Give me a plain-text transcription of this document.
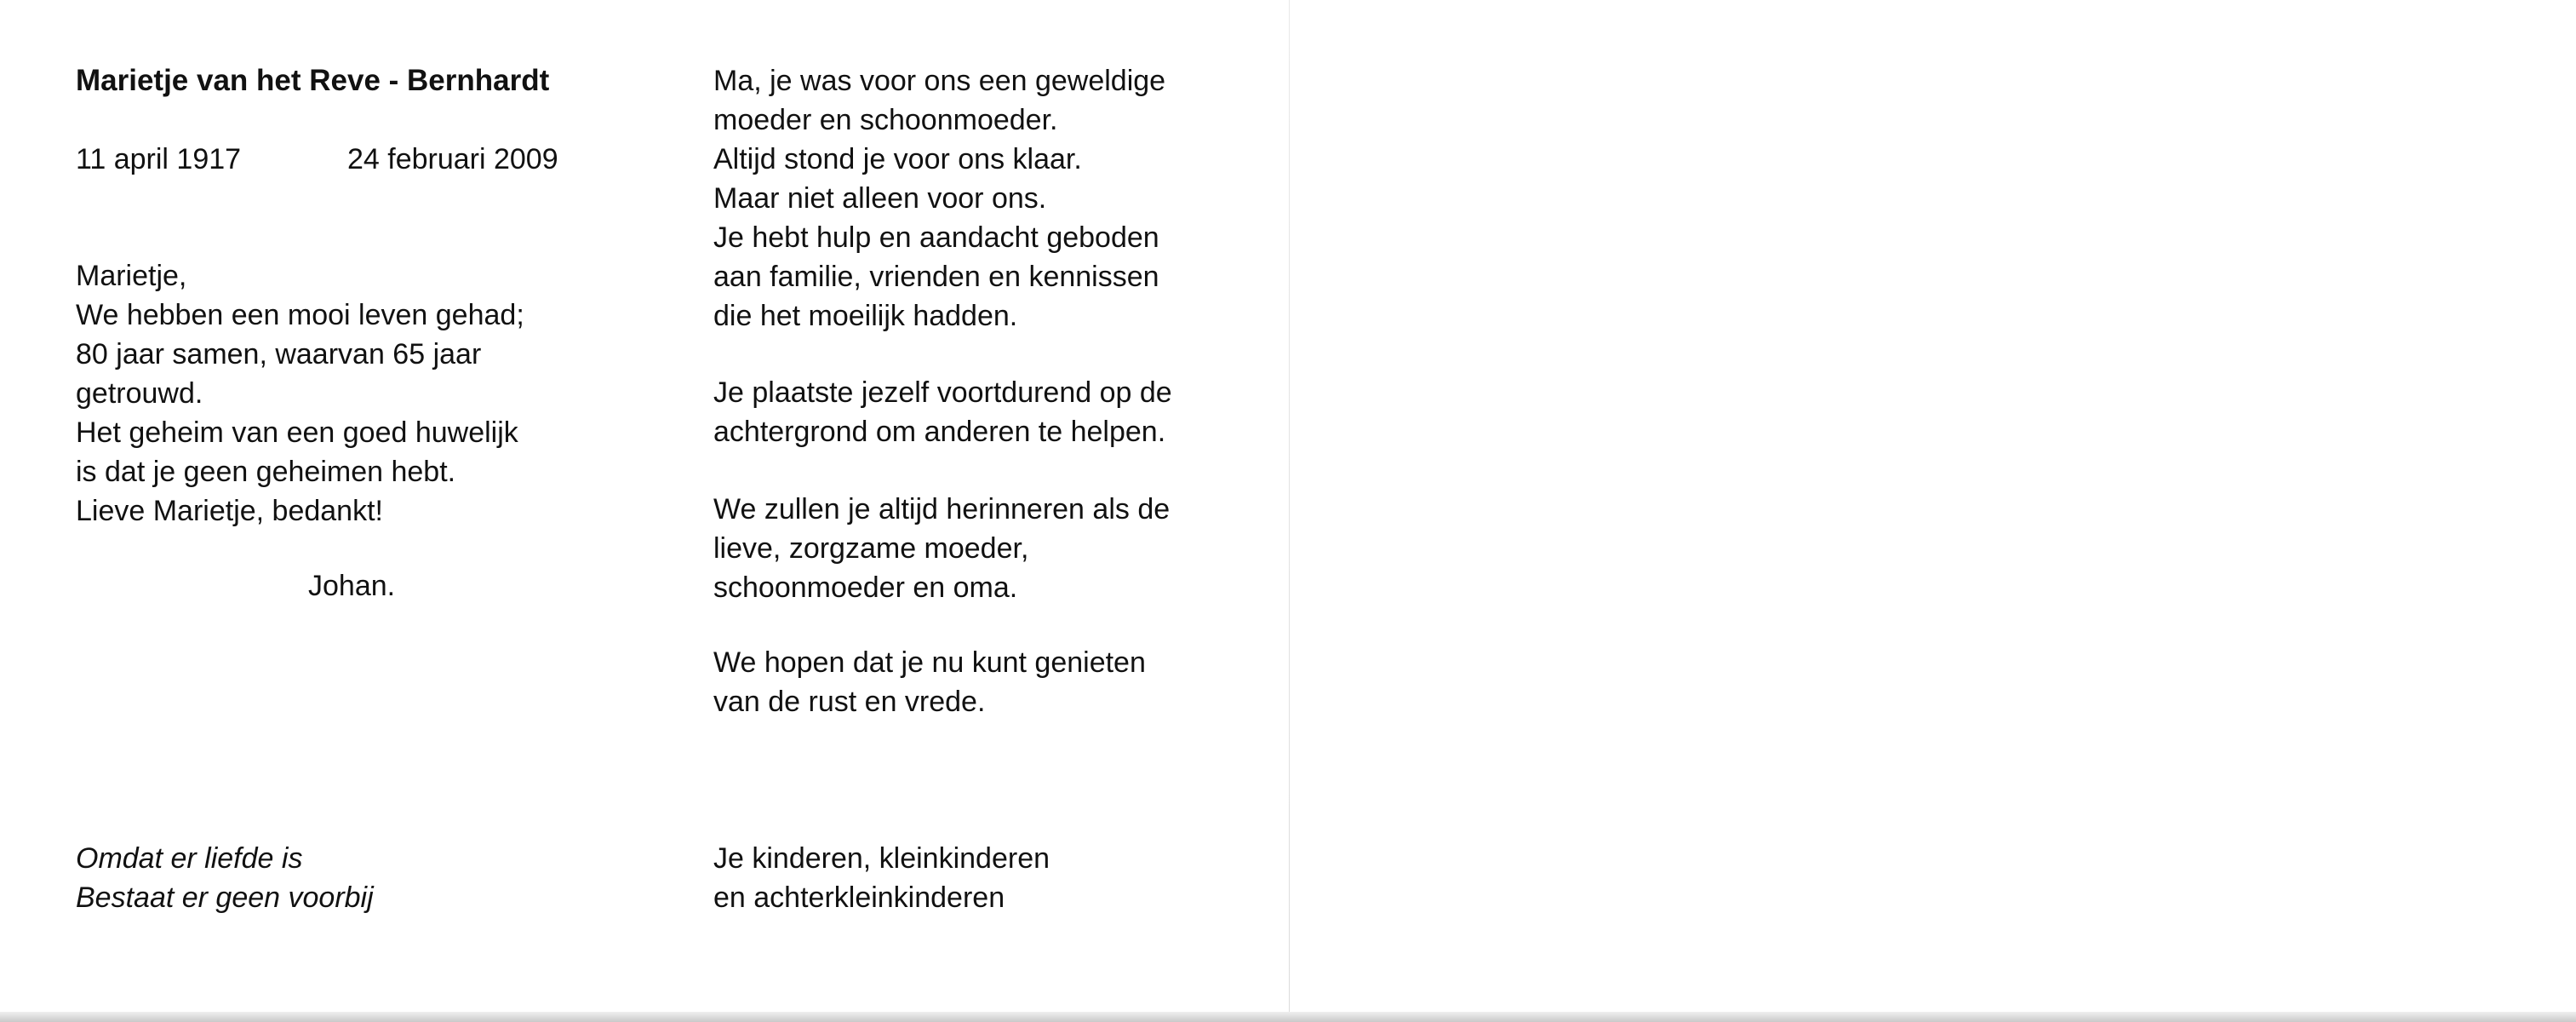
Marietje van het Reve - Bernhardt
11 april 1917	24 februari 2009
Marietje,
We hebben een mooi leven gehad;
80 jaar samen, waarvan 65 jaar
getrouwd.
Het geheim van een goed huwelijk
is dat je geen geheimen hebt.
Lieve Marietje, bedankt!
Johan.
Omdat er liefde is
Bestaat er geen voorbij
Ma, je was voor ons een geweldige
moeder en schoonmoeder.
Altijd stond je voor ons klaar.
Maar niet alleen voor ons.
Je hebt hulp en aandacht geboden
aan familie, vrienden en kennissen
die het moeilijk hadden.
Je plaatste jezelf voortdurend op de
achtergrond om anderen te helpen.
We zullen je altijd herinneren als de
lieve, zorgzame moeder,
schoonmoeder en oma.
We hopen dat je nu kunt genieten
van de rust en vrede.
Je kinderen, kleinkinderen
en achterkleinkinderen
